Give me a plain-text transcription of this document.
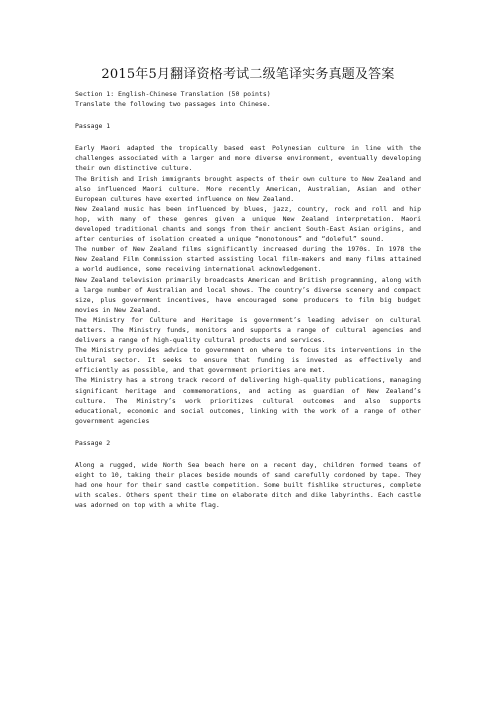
2015年5月翻译资格考试二级笔译实务真题及答案
Section 1: English-Chinese Translation (50 points)
Translate the following two passages into Chinese.
Passage 1
Early Maori adapted the tropically based east Polynesian culture in line with the challenges associated with a larger and more diverse environment, eventually developing their own distinctive culture.
The British and Irish immigrants brought aspects of their own culture to New Zealand and also influenced Maori culture. More recently American, Australian, Asian and other European cultures have exerted influence on New Zealand.
New Zealand music has been influenced by blues, jazz, country, rock and roll and hip hop, with many of these genres given a unique New Zealand interpretation. Maori developed traditional chants and songs from their ancient South-East Asian origins, and after centuries of isolation created a unique “monotonous” and “doleful” sound.
The number of New Zealand films significantly increased during the 1970s. In 1978 the New Zealand Film Commission started assisting local film-makers and many films attained a world audience, some receiving international acknowledgement.
New Zealand television primarily broadcasts American and British programming, along with a large number of Australian and local shows. The country’s diverse scenery and compact size, plus government incentives, have encouraged some producers to film big budget movies in New Zealand.
The Ministry for Culture and Heritage is government’s leading adviser on cultural matters. The Ministry funds, monitors and supports a range of cultural agencies and delivers a range of high-quality cultural products and services.
The Ministry provides advice to government on where to focus its interventions in the cultural sector. It seeks to ensure that funding is invested as effectively and efficiently as possible, and that government priorities are met.
The Ministry has a strong track record of delivering high-quality publications, managing significant heritage and commemorations, and acting as guardian of New Zealand’s culture. The Ministry’s work prioritizes cultural outcomes and also supports educational, economic and social outcomes, linking with the work of a range of other government agencies
Passage 2
Along a rugged, wide North Sea beach here on a recent day, children formed teams of eight to 10, taking their places beside mounds of sand carefully cordoned by tape. They had one hour for their sand castle competition. Some built fishlike structures, complete with scales. Others spent their time on elaborate ditch and dike labyrinths. Each castle was adorned on top with a white flag.
